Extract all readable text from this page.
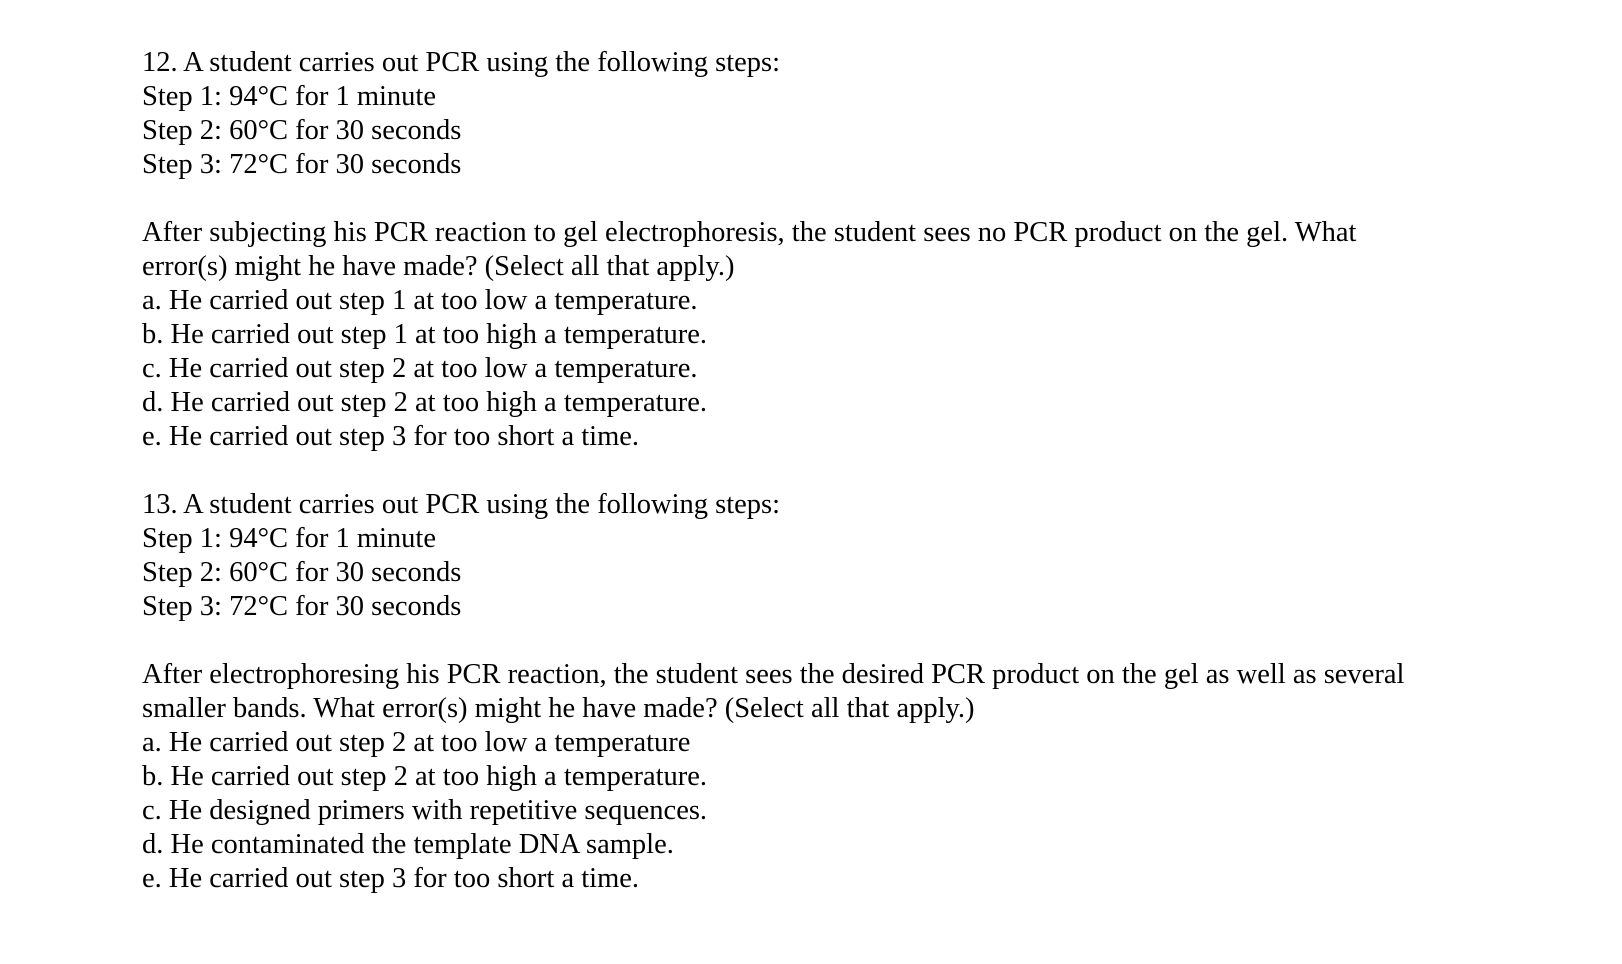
12. A student carries out PCR using the following steps:
Step 1: 94°C for 1 minute
Step 2: 60°C for 30 seconds
Step 3: 72°C for 30 seconds
After subjecting his PCR reaction to gel electrophoresis, the student sees no PCR product on the gel. What
error(s) might he have made? (Select all that apply.)
a. He carried out step 1 at too low a temperature.
b. He carried out step 1 at too high a temperature.
c. He carried out step 2 at too low a temperature.
d. He carried out step 2 at too high a temperature.
e. He carried out step 3 for too short a time.
13. A student carries out PCR using the following steps:
Step 1: 94°C for 1 minute
Step 2: 60°C for 30 seconds
Step 3: 72°C for 30 seconds
After electrophoresing his PCR reaction, the student sees the desired PCR product on the gel as well as several
smaller bands. What error(s) might he have made? (Select all that apply.)
a. He carried out step 2 at too low a temperature
b. He carried out step 2 at too high a temperature.
c. He designed primers with repetitive sequences.
d. He contaminated the template DNA sample.
e. He carried out step 3 for too short a time.
